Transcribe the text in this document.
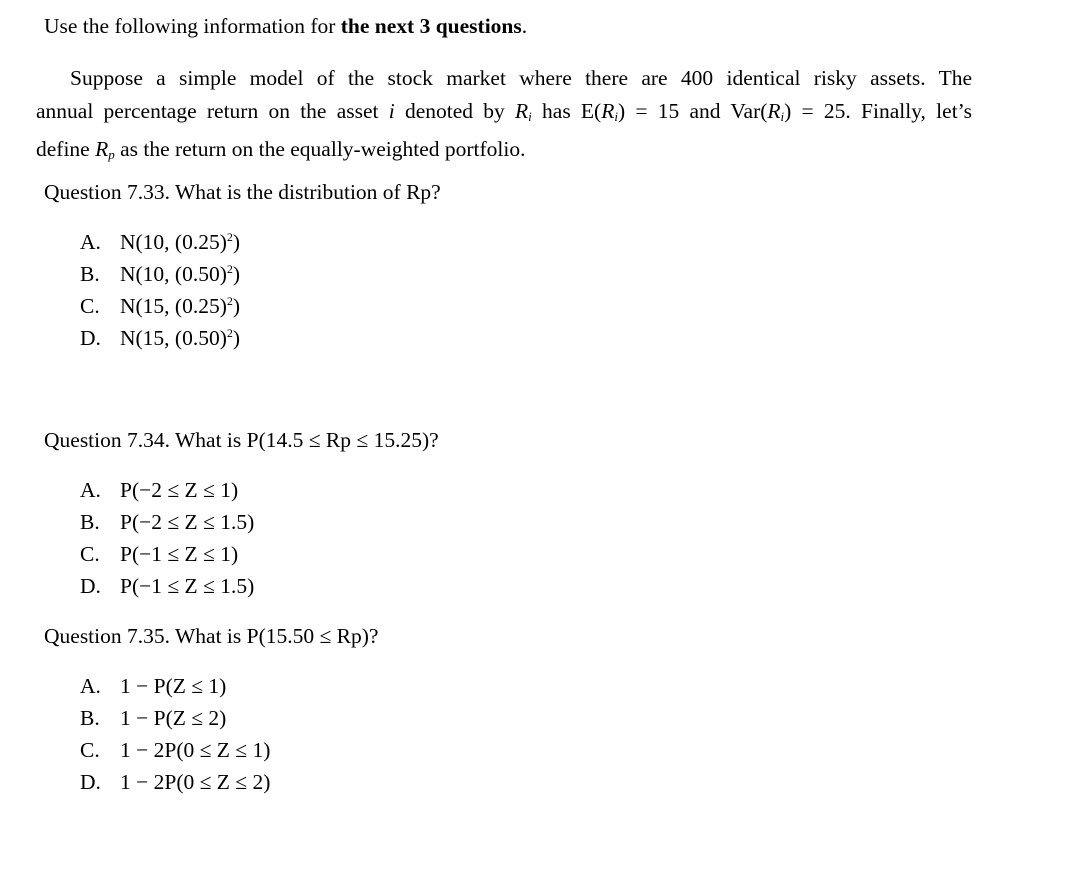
Use the following information for the next 3 questions.
Suppose a simple model of the stock market where there are 400 identical risky assets. The
annual percentage return on the asset i denoted by $R_i$ has $E(R_i) = 15$ and $Var(R_i) = 25$. Finally, let’s
define $R_p$ as the return on the equally-weighted portfolio.
Question 7.33. What is the distribution of Rp?
A. N(10, $(0.25)^2$)
B. N(10, $(0.50)^2$)
C. N(15, $(0.25)^2$)
D. N(15, $(0.50)^2$)
Question 7.34. What is P(14.5 ≤ Rp ≤ 15.25)?
A. P(−2 ≤ Z ≤ 1)
B. P(−2 ≤ Z ≤ 1.5)
C. P(−1 ≤ Z ≤ 1)
D. P(−1 ≤ Z ≤ 1.5)
Question 7.35. What is P(15.50 ≤ Rp)?
A. 1 − P(Z ≤ 1)
B. 1 − P(Z ≤ 2)
C. 1 − 2P(0 ≤ Z ≤ 1)
D. 1 − 2P(0 ≤ Z ≤ 2)
